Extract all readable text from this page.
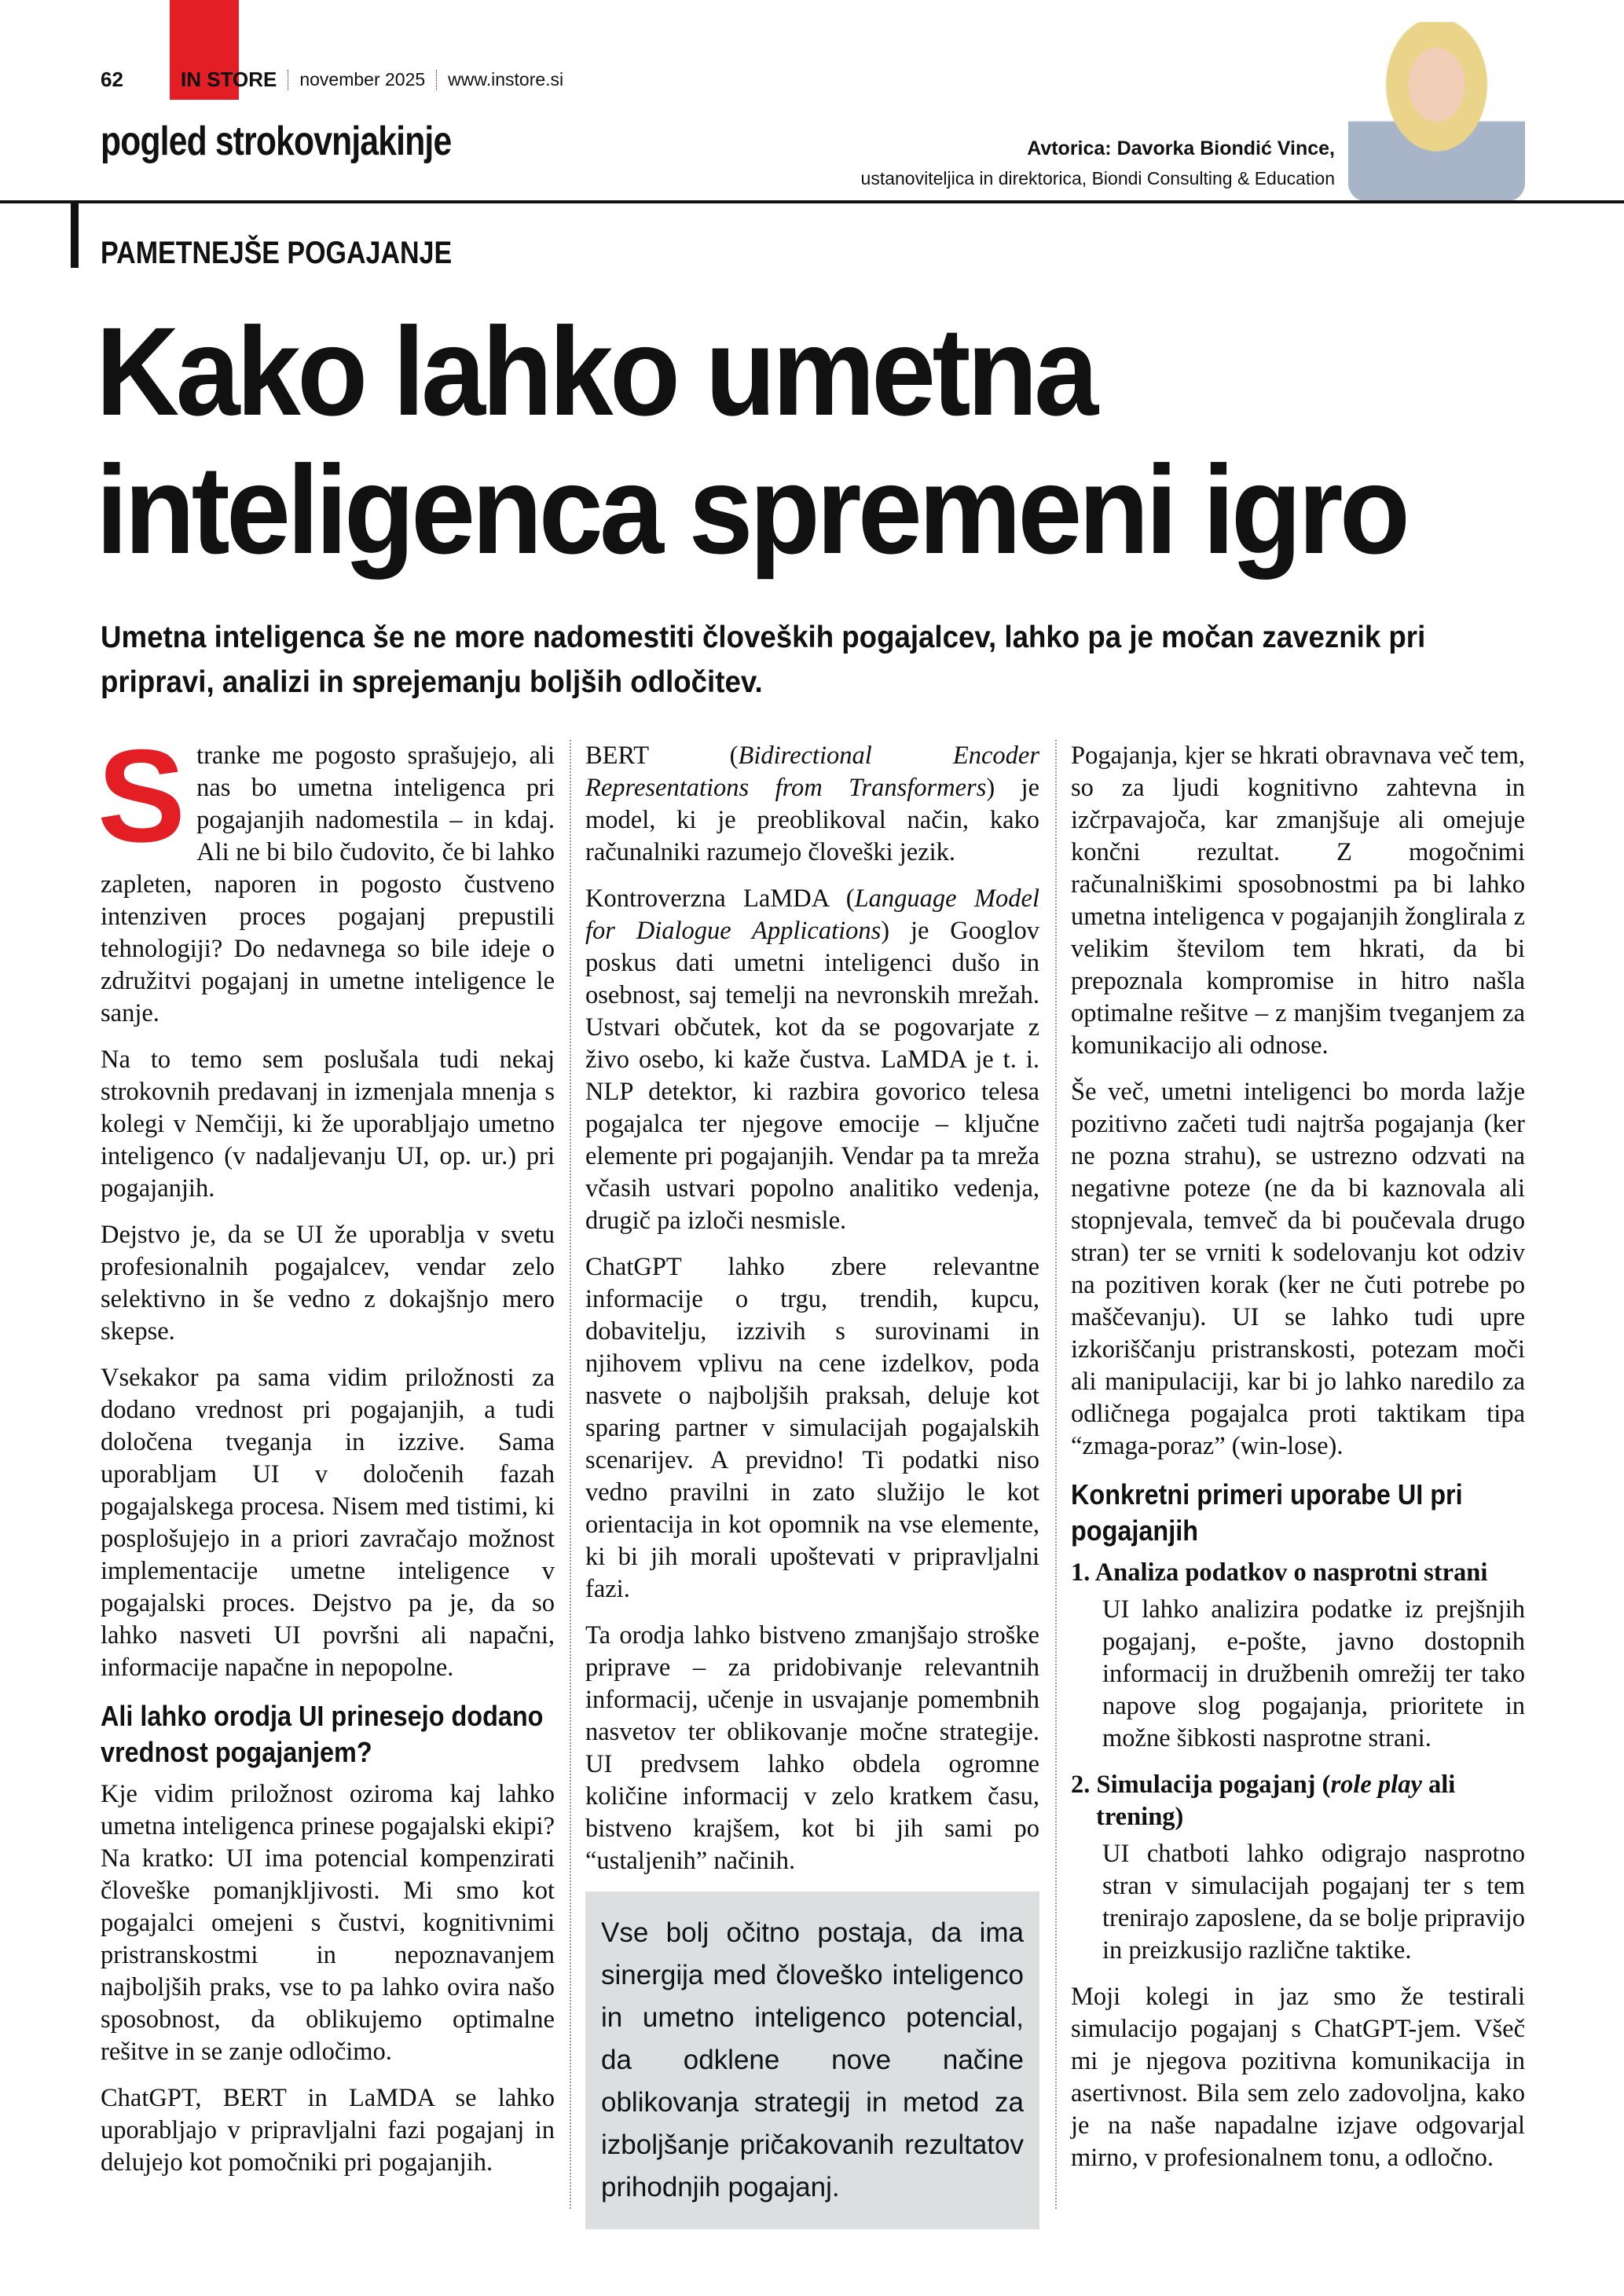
62	IN STORE november 2025 www.instore.si
pogled strokovnjakinje	Avtorica: Davorka Biondić Vince,
ustanoviteljica in direktorica, Biondi Consulting & Education
PAMETNEJŠE POGAJANJE
Kako lahko umetna inteligenca spremeni igro
Umetna inteligenca še ne more nadomestiti človeških pogajalcev, lahko pa je močan zaveznik pri pripravi, analizi in sprejemanju boljših odločitev.

Stranke me pogosto sprašujejo, ali nas bo umetna inteligenca pri pogajanjih nadomestila – in kdaj. Ali ne bi bilo čudovito, če bi lahko zapleten, naporen in pogosto čustveno intenziven proces pogajanj prepustili tehnologiji? Do nedavnega so bile ideje o združitvi pogajanj in umetne inteligence le sanje.

Na to temo sem poslušala tudi nekaj strokovnih predavanj in izmenjala mnenja s kolegi v Nemčiji, ki že uporabljajo umetno inteligenco (v nadaljevanju UI, op. ur.) pri pogajanjih.

Dejstvo je, da se UI že uporablja v svetu profesionalnih pogajalcev, vendar zelo selektivno in še vedno z dokajšnjo mero skepse.

Vsekakor pa sama vidim priložnosti za dodano vrednost pri pogajanjih, a tudi določena tveganja in izzive. Sama uporabljam UI v določenih fazah pogajalskega procesa. Nisem med tistimi, ki posplošujejo in a priori zavračajo možnost implementacije umetne inteligence v pogajalski proces. Dejstvo pa je, da so lahko nasveti UI površni ali napačni, informacije napačne in nepopolne.

Ali lahko orodja UI prinesejo dodano vrednost pogajanjem?

Kje vidim priložnost oziroma kaj lahko umetna inteligenca prinese pogajalski ekipi? Na kratko: UI ima potencial kompenzirati človeške pomanjkljivosti. Mi smo kot pogajalci omejeni s čustvi, kognitivnimi pristranskostmi in nepoznavanjem najboljših praks, vse to pa lahko ovira našo sposobnost, da oblikujemo optimalne rešitve in se zanje odločimo.

ChatGPT, BERT in LaMDA se lahko uporabljajo v pripravljalni fazi pogajanj in delujejo kot pomočniki pri pogajanjih.

BERT (Bidirectional Encoder Representations from Transformers) je model, ki je preoblikoval način, kako računalniki razumejo človeški jezik.

Kontroverzna LaMDA (Language Model for Dialogue Applications) je Googlov poskus dati umetni inteligenci dušo in osebnost, saj temelji na nevronskih mrežah. Ustvari občutek, kot da se pogovarjate z živo osebo, ki kaže čustva. LaMDA je t. i. NLP detektor, ki razbira govorico telesa pogajalca ter njegove emocije – ključne elemente pri pogajanjih. Vendar pa ta mreža včasih ustvari popolno analitiko vedenja, drugič pa izloči nesmisle.

ChatGPT lahko zbere relevantne informacije o trgu, trendih, kupcu, dobavitelju, izzivih s surovinami in njihovem vplivu na cene izdelkov, poda nasvete o najboljših praksah, deluje kot sparing partner v simulacijah pogajalskih scenarijev. A previdno! Ti podatki niso vedno pravilni in zato služijo le kot orientacija in kot opomnik na vse elemente, ki bi jih morali upoštevati v pripravljalni fazi.

Ta orodja lahko bistveno zmanjšajo stroške priprave – za pridobivanje relevantnih informacij, učenje in usvajanje pomembnih nasvetov ter oblikovanje močne strategije. UI predvsem lahko obdela ogromne količine informacij v zelo kratkem času, bistveno krajšem, kot bi jih sami po “ustaljenih” načinih.

Vse bolj očitno postaja, da ima sinergija med človeško inteligenco in umetno inteligenco potencial, da odklene nove načine oblikovanja strategij in metod za izboljšanje pričakovanih rezultatov prihodnjih pogajanj.

Pogajanja, kjer se hkrati obravnava več tem, so za ljudi kognitivno zahtevna in izčrpavajoča, kar zmanjšuje ali omejuje končni rezultat. Z mogočnimi računalniškimi sposobnostmi pa bi lahko umetna inteligenca v pogajanjih žonglirala z velikim številom tem hkrati, da bi prepoznala kompromise in hitro našla optimalne rešitve – z manjšim tveganjem za komunikacijo ali odnose.

Še več, umetni inteligenci bo morda lažje pozitivno začeti tudi najtrša pogajanja (ker ne pozna strahu), se ustrezno odzvati na negativne poteze (ne da bi kaznovala ali stopnjevala, temveč da bi poučevala drugo stran) ter se vrniti k sodelovanju kot odziv na pozitiven korak (ker ne čuti potrebe po maščevanju). UI se lahko tudi upre izkoriščanju pristranskosti, potezam moči ali manipulaciji, kar bi jo lahko naredilo za odličnega pogajalca proti taktikam tipa “zmaga-poraz” (win-lose).

Konkretni primeri uporabe UI pri pogajanjih
1. Analiza podatkov o nasprotni strani

UI lahko analizira podatke iz prejšnjih pogajanj, e-pošte, javno dostopnih informacij in družbenih omrežij ter tako napove slog pogajanja, prioritete in možne šibkosti nasprotne strani.

2. Simulacija pogajanj (role play ali trening)

UI chatboti lahko odigrajo nasprotno stran v simulacijah pogajanj ter s tem trenirajo zaposlene, da se bolje pripravijo in preizkusijo različne taktike.

Moji kolegi in jaz smo že testirali simulacijo pogajanj s ChatGPT-jem. Všeč mi je njegova pozitivna komunikacija in asertivnost. Bila sem zelo zadovoljna, kako je na naše napadalne izjave odgovarjal mirno, v profesionalnem tonu, a odločno.
